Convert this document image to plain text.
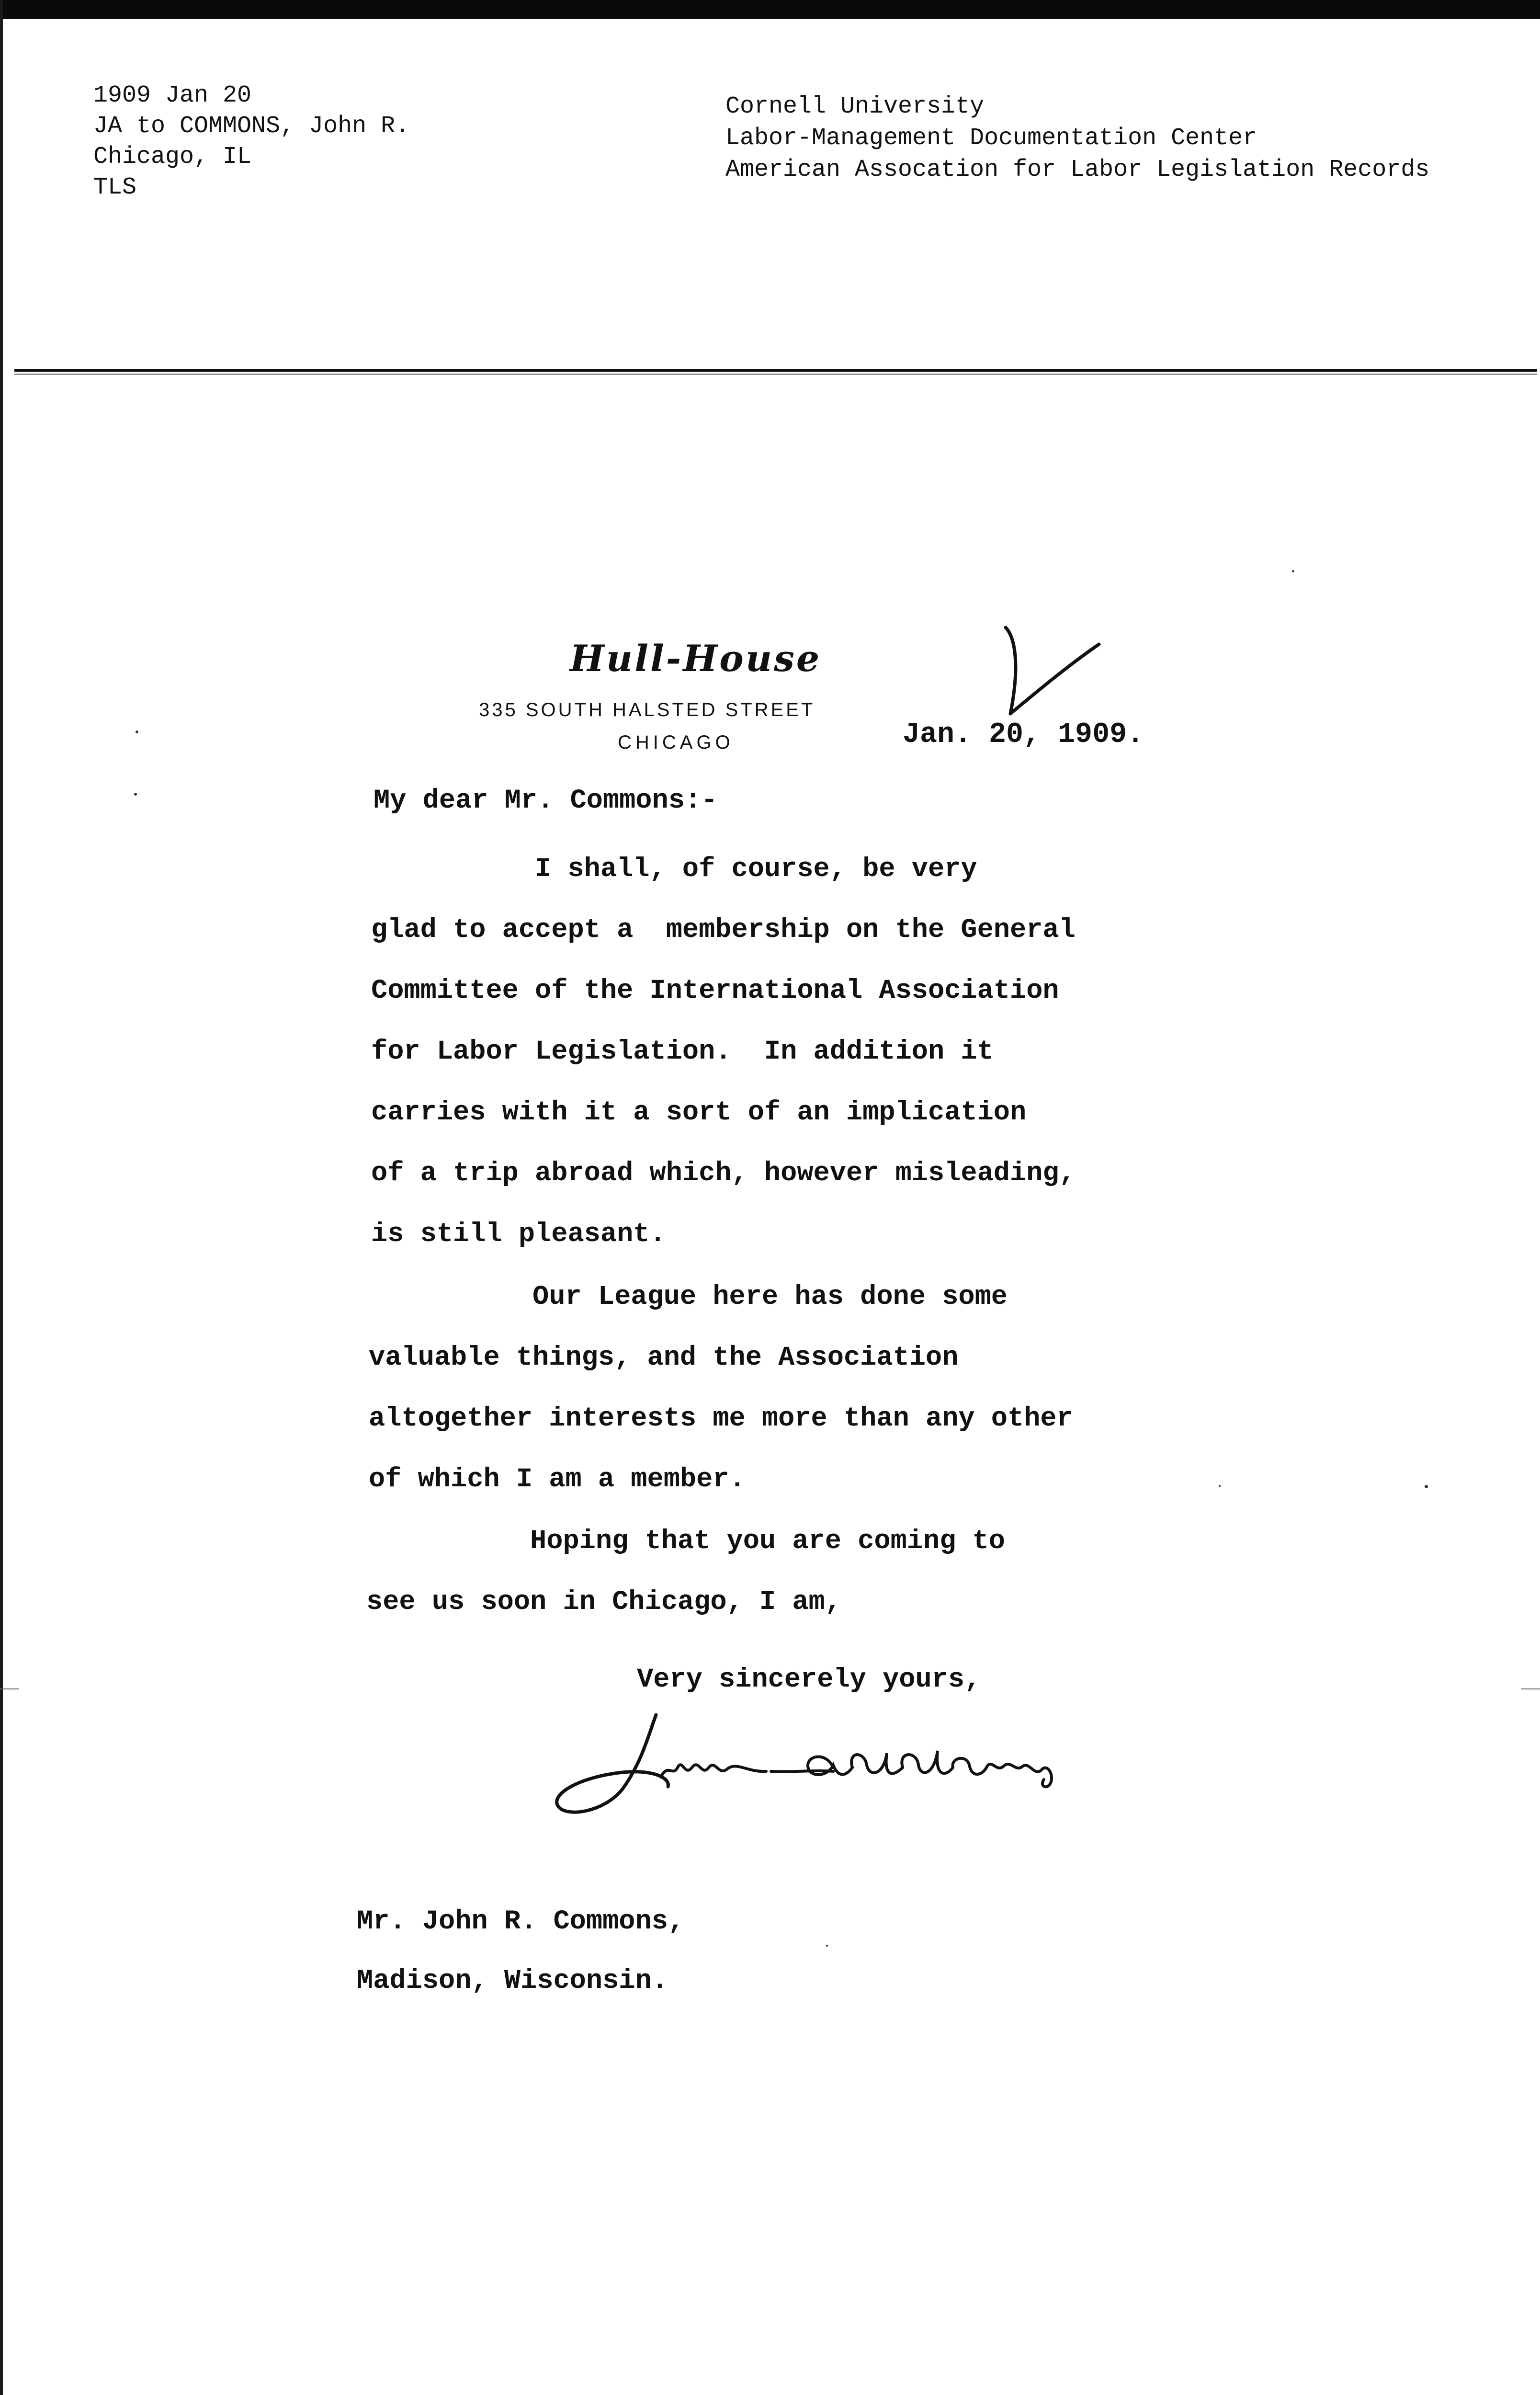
1909 Jan 20
JA to COMMONS, John R.
Chicago, IL
TLS
Cornell University
Labor-Management Documentation Center
American Assocation for Labor Legislation Records
Hull-House
335 SOUTH HALSTED STREET
CHICAGO	Jan. 20, 1909.
My dear Mr. Commons:-
I shall, of course, be very
glad to accept a  membership on the General
Committee of the International Association
for Labor Legislation.  In addition it
carries with it a sort of an implication
of a trip abroad which, however misleading,
is still pleasant.
Our League here has done some
valuable things, and the Association
altogether interests me more than any other
of which I am a member.
Hoping that you are coming to
see us soon in Chicago, I am,
Very sincerely yours,
Mr. John R. Commons,
Madison, Wisconsin.
